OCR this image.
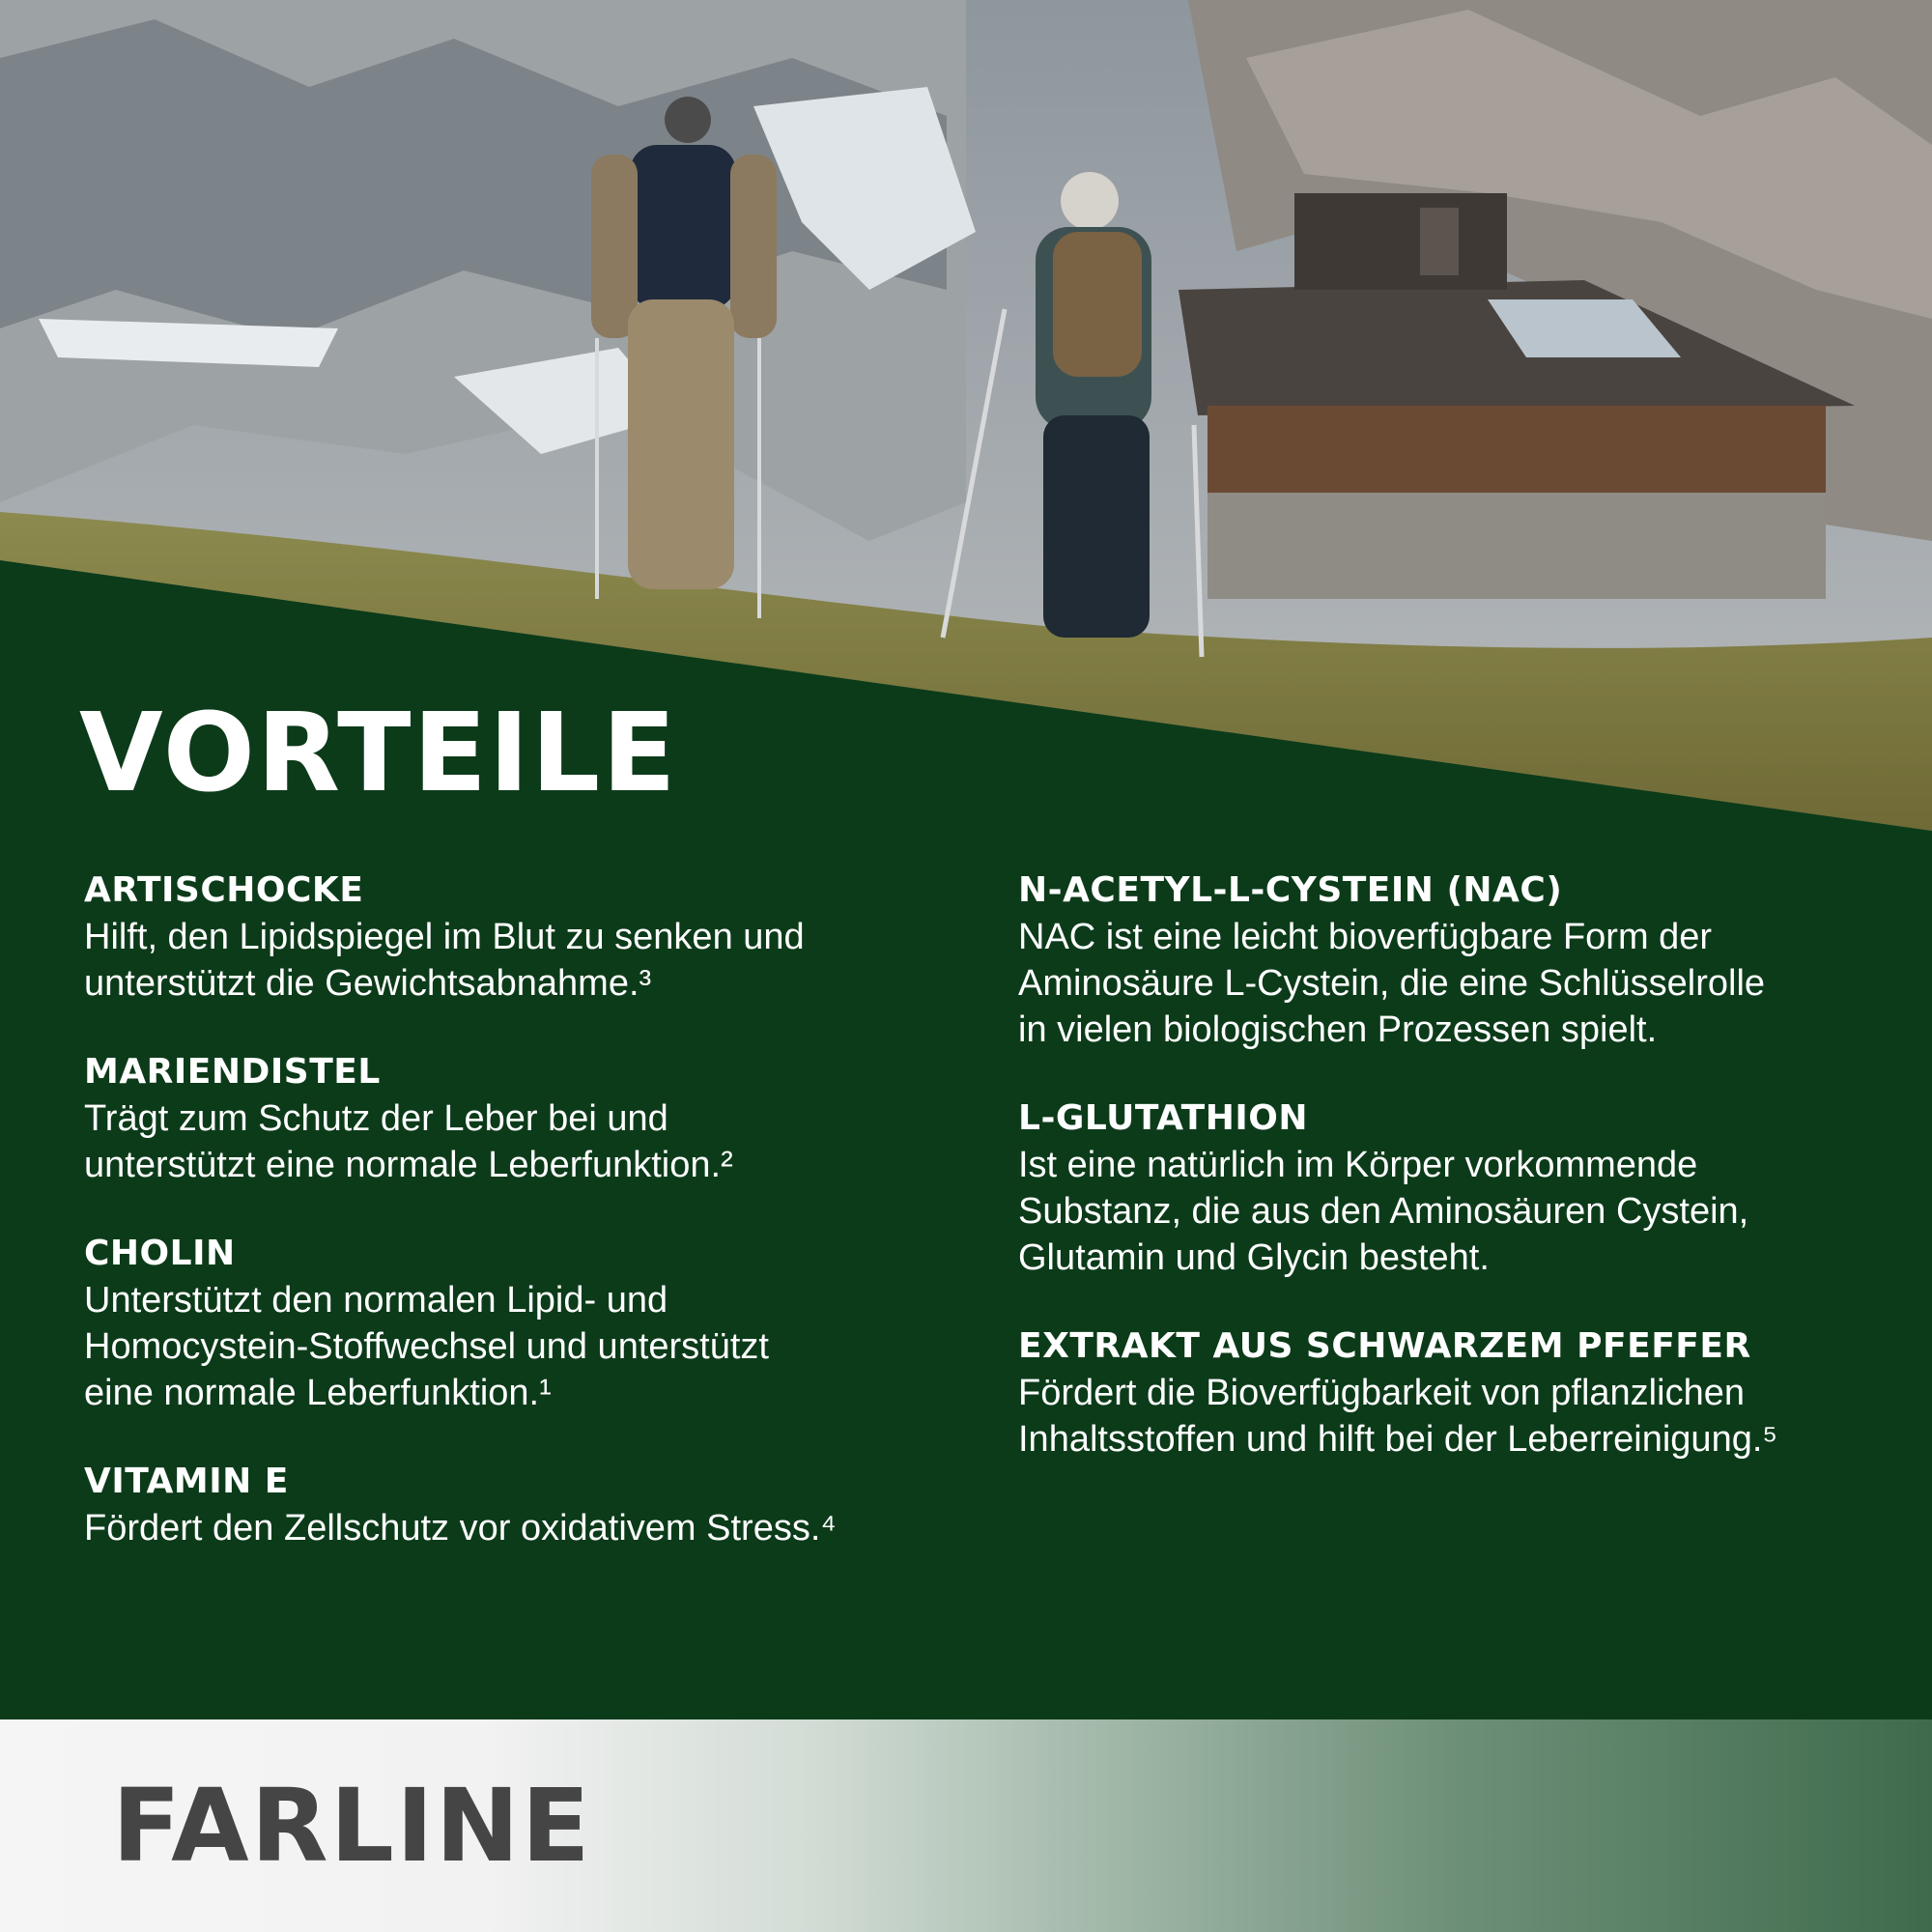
VORTEILE
ARTISCHOCKE
Hilft, den Lipidspiegel im Blut zu senken und
unterstützt die Gewichtsabnahme.³
MARIENDISTEL
Trägt zum Schutz der Leber bei und
unterstützt eine normale Leberfunktion.²
CHOLIN
Unterstützt den normalen Lipid- und
Homocystein-Stoffwechsel und unterstützt
eine normale Leberfunktion.¹
VITAMIN E
Fördert den Zellschutz vor oxidativem Stress.⁴
N-ACETYL-L-CYSTEIN (NAC)
NAC ist eine leicht bioverfügbare Form der
Aminosäure L-Cystein, die eine Schlüsselrolle
in vielen biologischen Prozessen spielt.
L-GLUTATHION
Ist eine natürlich im Körper vorkommende
Substanz, die aus den Aminosäuren Cystein,
Glutamin und Glycin besteht.
EXTRAKT AUS SCHWARZEM PFEFFER
Fördert die Bioverfügbarkeit von pflanzlichen
Inhaltsstoffen und hilft bei der Leberreinigung.⁵
FARLINE
